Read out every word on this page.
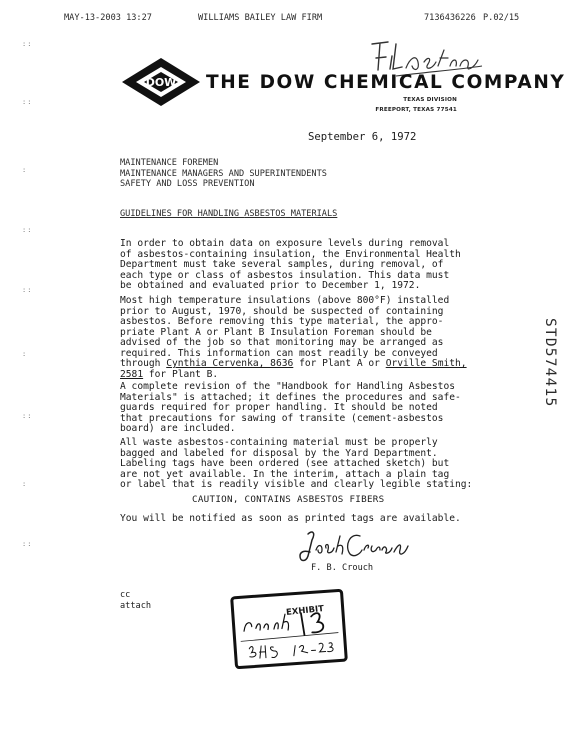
MAY-13-2003 13:27	WILLIAMS BAILEY LAW FIRM	7136436226 P.02/15
::
::
:
::
::
:
::
:
::
DOW THE DOW CHEMICAL COMPANY
TEXAS DIVISION
FREEPORT, TEXAS 77541
September 6, 1972
MAINTENANCE FOREMEN
MAINTENANCE MANAGERS AND SUPERINTENDENTS
SAFETY AND LOSS PREVENTION
GUIDELINES FOR HANDLING ASBESTOS MATERIALS
In order to obtain data on exposure levels during removal
of asbestos-containing insulation, the Environmental Health
Department must take several samples, during removal, of
each type or class of asbestos insulation. This data must
be obtained and evaluated prior to December 1, 1972.
Most high temperature insulations (above 800°F) installed
prior to August, 1970, should be suspected of containing
asbestos. Before removing this type material, the appro-
priate Plant A or Plant B Insulation Foreman should be
advised of the job so that monitoring may be arranged as
required. This information can most readily be conveyed
through Cynthia Cervenka, 8636 for Plant A or Orville Smith,
2581 for Plant B.
A complete revision of the "Handbook for Handling Asbestos
Materials" is attached; it defines the procedures and safe-
guards required for proper handling. It should be noted
that precautions for sawing of transite (cement-asbestos
board) are included.
All waste asbestos-containing material must be properly
bagged and labeled for disposal by the Yard Department.
Labeling tags have been ordered (see attached sketch) but
are not yet available. In the interim, attach a plain tag
or label that is readily visible and clearly legible stating:
CAUTION, CONTAINS ASBESTOS FIBERS
You will be notified as soon as printed tags are available.
F. B. Crouch
cc
attach	EXHIBIT
STD574415
